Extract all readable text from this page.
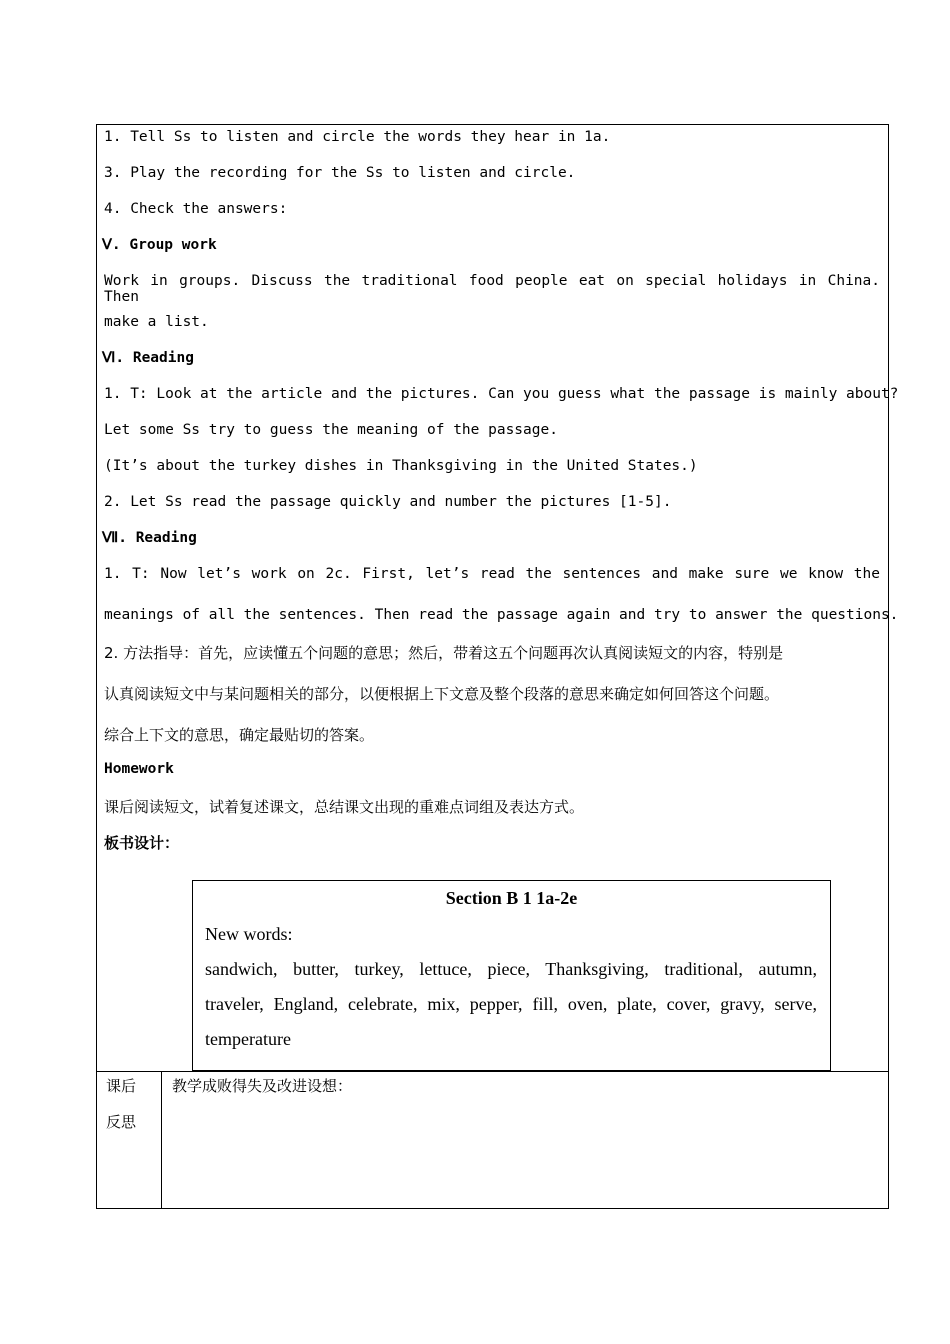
1. Tell Ss to listen and circle the words they hear in 1a.
3. Play the recording for the Ss to listen and circle.
4. Check the answers:
Ⅴ. Group work
Work in groups. Discuss the traditional food people eat on special holidays in China. Then
make a list.
Ⅵ. Reading
1. T: Look at the article and the pictures. Can you guess what the passage is mainly about?
Let some Ss try to guess the meaning of the passage.
(It’s about the turkey dishes in Thanksgiving in the United States.)
2. Let Ss read the passage quickly and number the pictures [1-5].
Ⅶ. Reading
1. T: Now let’s work on 2c. First, let’s read the sentences and make sure we know the
meanings of all the sentences. Then read the passage again and try to answer the questions.
2. 方法指导：首先，应读懂五个问题的意思；然后，带着这五个问题再次认真阅读短文的内容，特别是
认真阅读短文中与某问题相关的部分，以便根据上下文意及整个段落的意思来确定如何回答这个问题。
综合上下文的意思，确定最贴切的答案。
Homework
课后阅读短文，试着复述课文，总结课文出现的重难点词组及表达方式。
板书设计：
Section B 1 1a-2e
New words:
sandwich, butter, turkey, lettuce, piece, Thanksgiving, traditional, autumn,
traveler, England, celebrate, mix, pepper, fill, oven, plate, cover, gravy, serve,
temperature
课后
反思
教学成败得失及改进设想：
